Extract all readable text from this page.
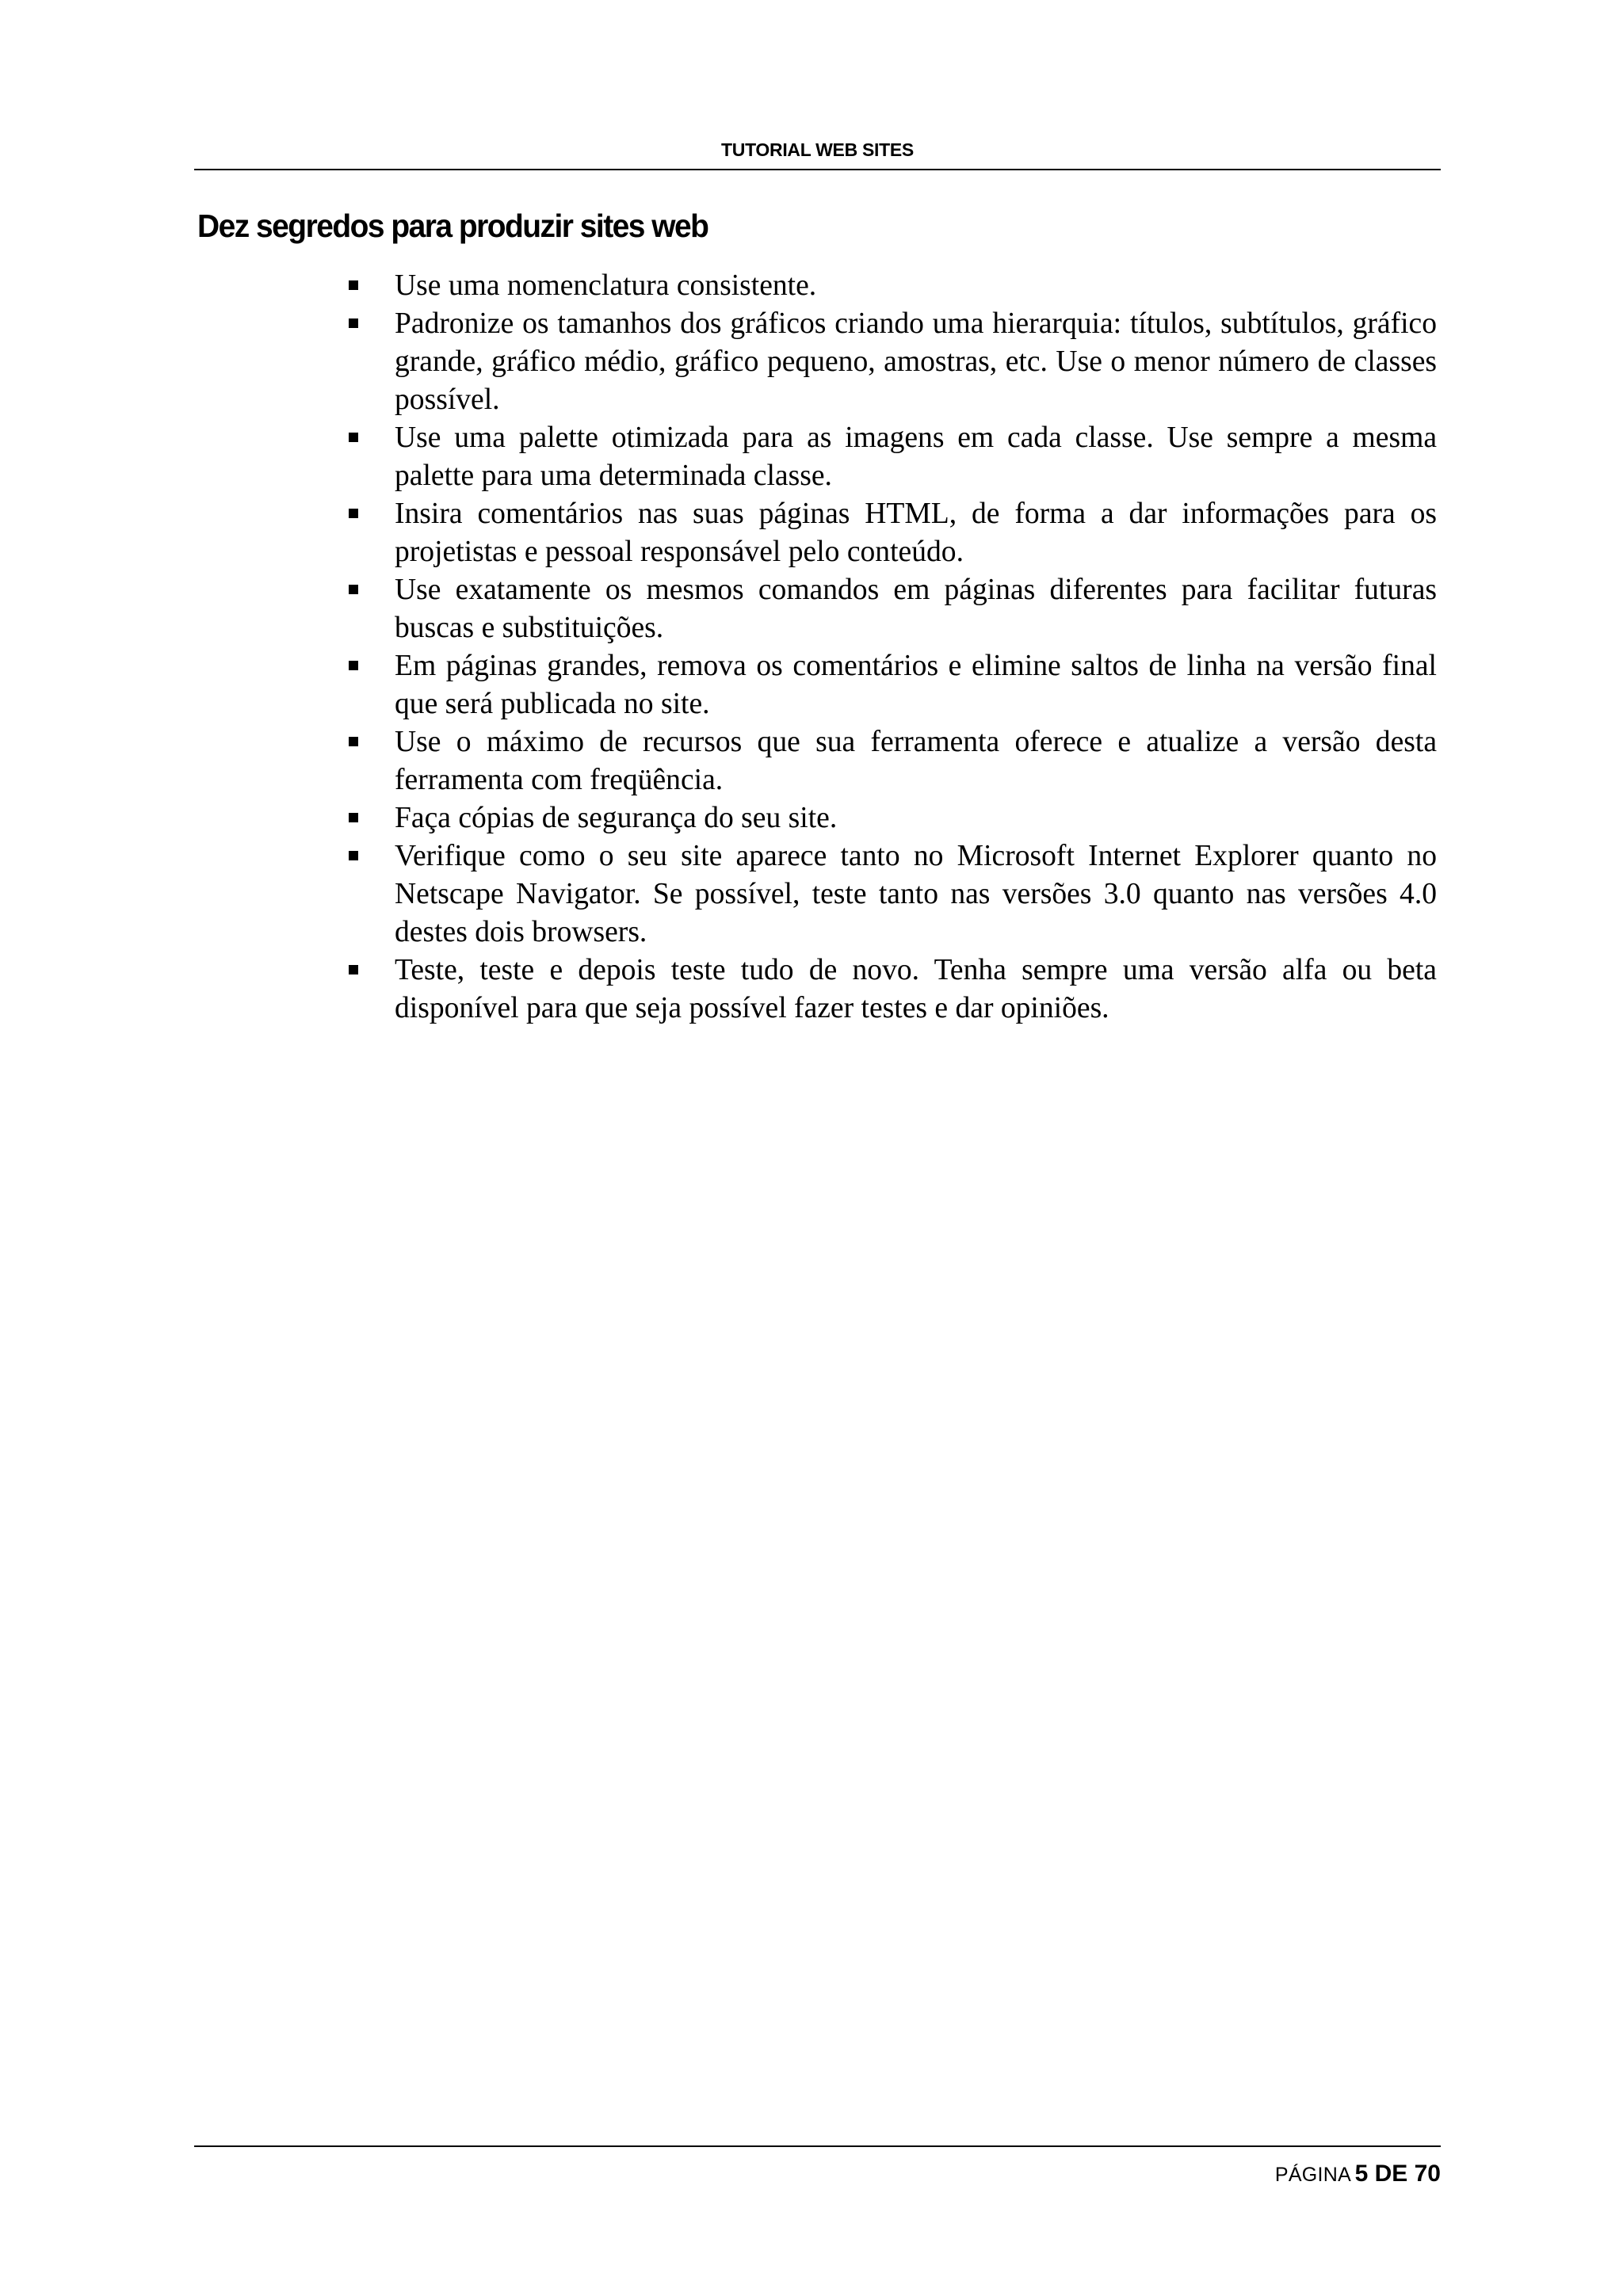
TUTORIAL WEB SITES
Dez segredos para produzir sites web
Use uma nomenclatura consistente.
Padronize os tamanhos dos gráficos criando uma hierarquia: títulos, subtítulos, gráfico grande, gráfico médio, gráfico pequeno, amostras, etc. Use o menor número de classes possível.
Use uma palette otimizada para as imagens em cada classe. Use sempre a mesma palette para uma determinada classe.
Insira comentários nas suas páginas HTML, de forma a dar informações para os projetistas e pessoal responsável pelo conteúdo.
Use exatamente os mesmos comandos em páginas diferentes para facilitar futuras buscas e substituições.
Em páginas grandes, remova os comentários e elimine saltos de linha na versão final que será publicada no site.
Use o máximo de recursos que sua ferramenta oferece e atualize a versão desta ferramenta com freqüência.
Faça cópias de segurança do seu site.
Verifique como o seu site aparece tanto no Microsoft Internet Explorer quanto no Netscape Navigator. Se possível, teste tanto nas versões 3.0 quanto nas versões 4.0 destes dois browsers.
Teste, teste e depois teste tudo de novo. Tenha sempre uma versão alfa ou beta disponível para que seja possível fazer testes e dar opiniões.
PÁGINA 5 DE 70
